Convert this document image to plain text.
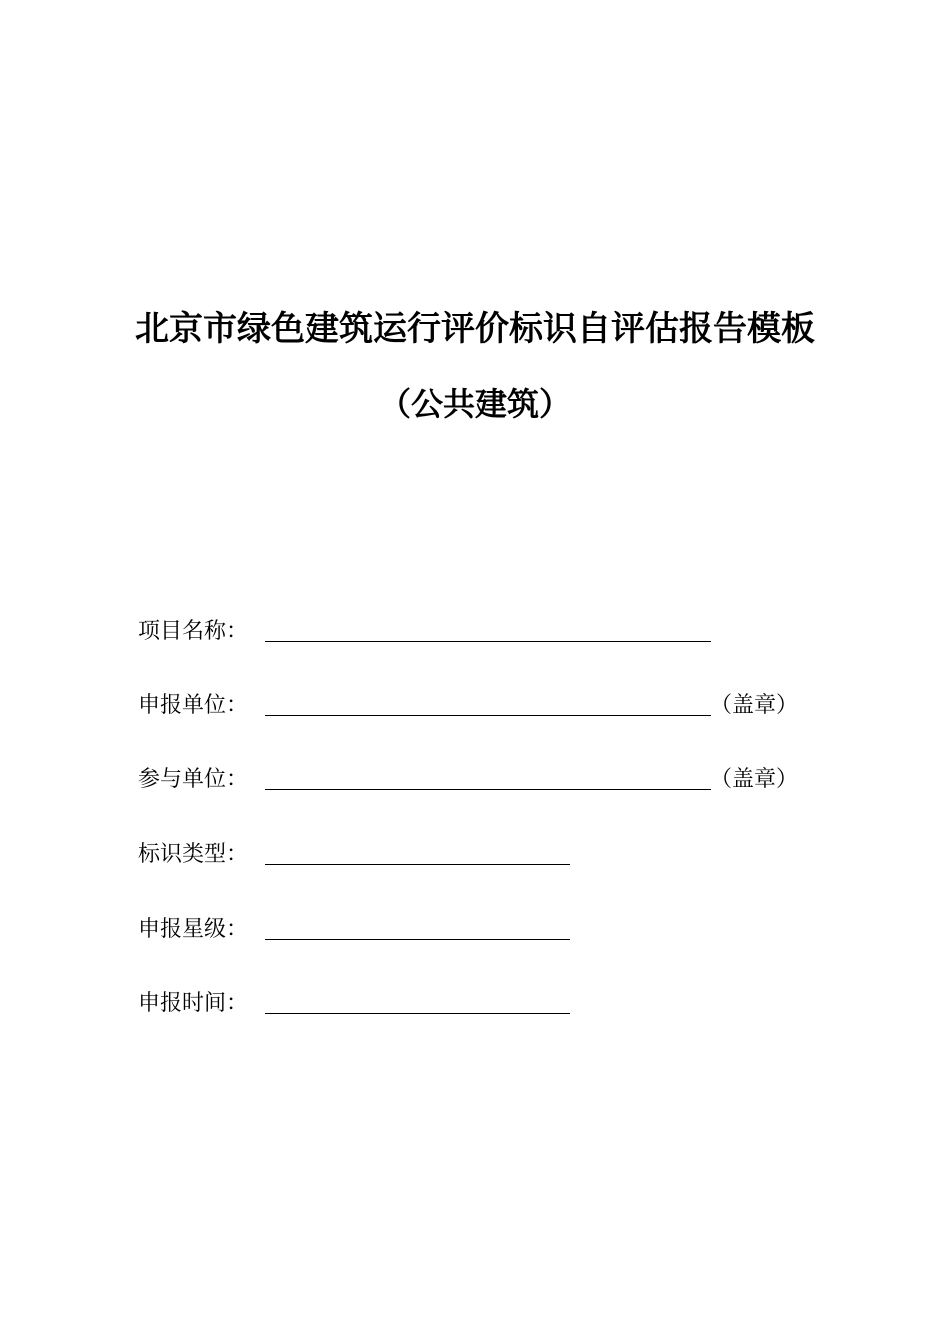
北京市绿色建筑运行评价标识自评估报告模板
（公共建筑）
项目名称：
申报单位：	（盖章）
参与单位：	（盖章）
标识类型：
申报星级：
申报时间：
